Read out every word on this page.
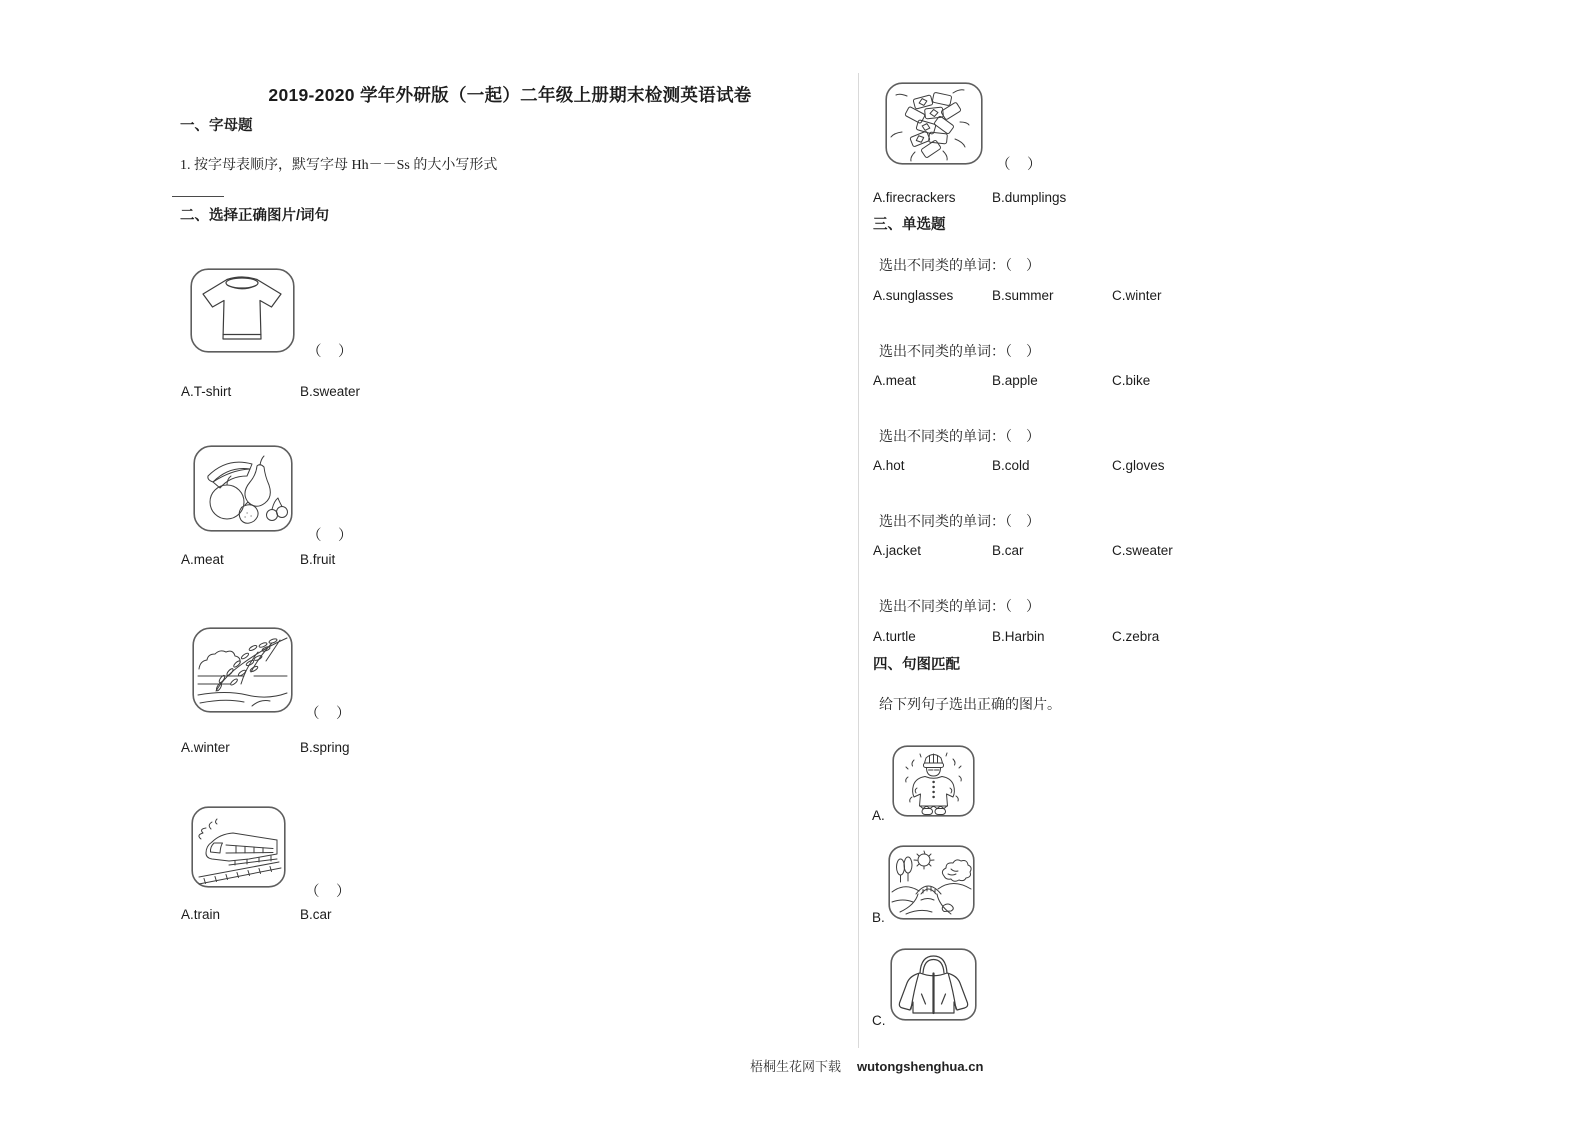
2019-2020 学年外研版（一起）二年级上册期末检测英语试卷
一、字母题
1. 按字母表顺序，默写字母 Hh－－Ss 的大小写形式
二、选择正确图片/词句
（　）
A.T-shirt	B.sweater
（　）
A.meat	B.fruit
（　）
A.winter	B.spring
（　）
A.train	B.car
（　）
A.firecrackers	B.dumplings
三、单选题
选出不同类的单词：（　）
A.sunglasses	B.summer	C.winter
选出不同类的单词：（　）
A.meat	B.apple	C.bike
选出不同类的单词：（　）
A.hot	B.cold	C.gloves
选出不同类的单词：（　）
A.jacket	B.car	C.sweater
选出不同类的单词：（　）
A.turtle	B.Harbin	C.zebra
四、句图匹配
给下列句子选出正确的图片。
A.
B.
C.
梧桐生花网下载 wutongshenghua.cn
